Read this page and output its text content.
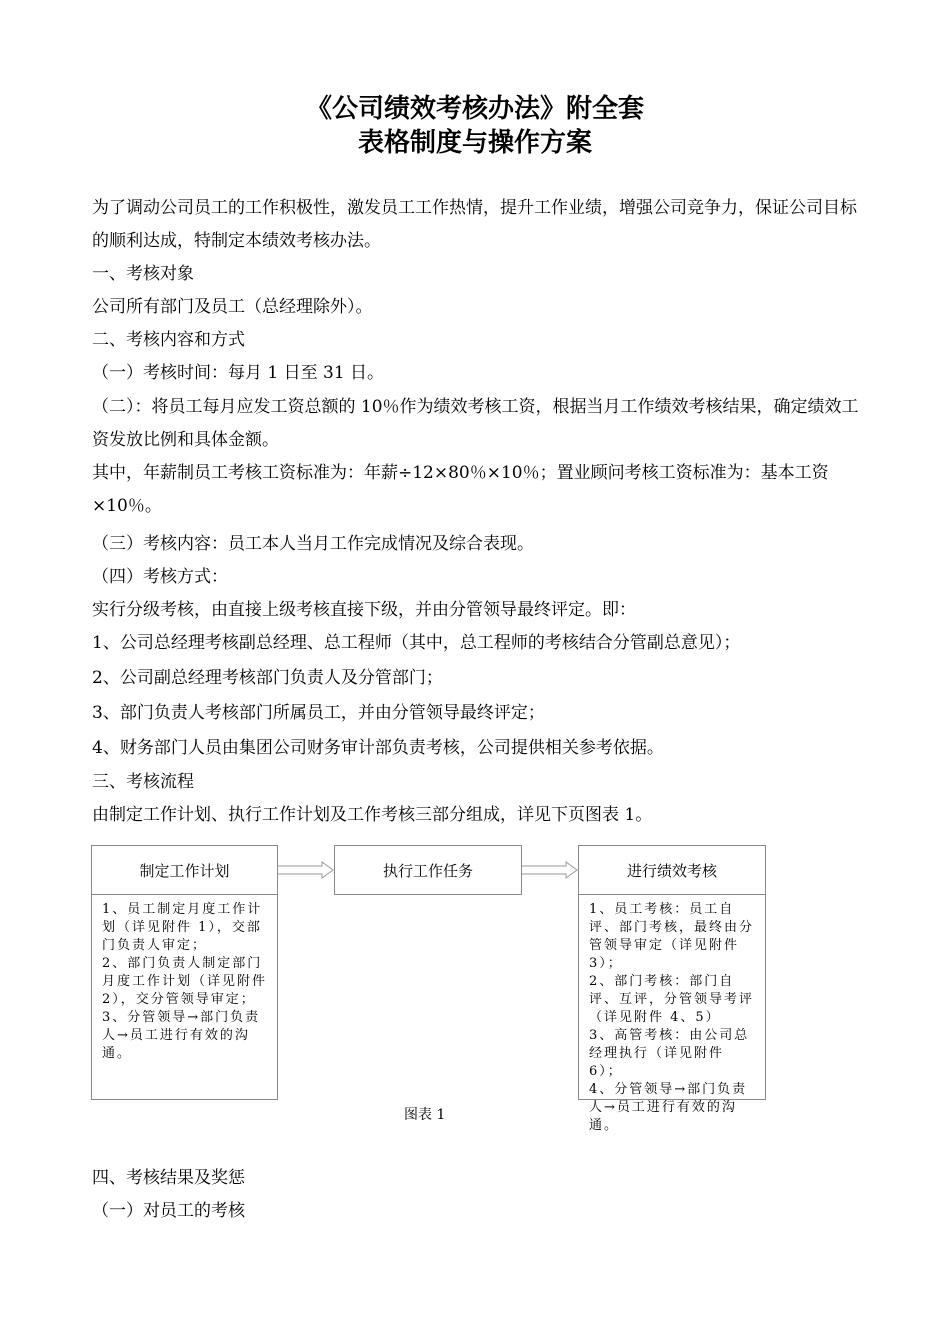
《公司绩效考核办法》附全套
表格制度与操作方案
为了调动公司员工的工作积极性，激发员工工作热情，提升工作业绩，增强公司竞争力，保证公司目标的顺利达成，特制定本绩效考核办法。
一、考核对象
公司所有部门及员工（总经理除外）。
二、考核内容和方式
（一）考核时间：每月 1 日至 31 日。
（二）：将员工每月应发工资总额的 10％作为绩效考核工资，根据当月工作绩效考核结果，确定绩效工资发放比例和具体金额。
其中，年薪制员工考核工资标准为：年薪÷12×80％×10％；置业顾问考核工资标准为：基本工资×10％。
（三）考核内容：员工本人当月工作完成情况及综合表现。
（四）考核方式：
实行分级考核，由直接上级考核直接下级，并由分管领导最终评定。即：
1、公司总经理考核副总经理、总工程师（其中，总工程师的考核结合分管副总意见）；
2、公司副总经理考核部门负责人及分管部门；
3、部门负责人考核部门所属员工，并由分管领导最终评定；
4、财务部门人员由集团公司财务审计部负责考核，公司提供相关参考依据。
三、考核流程
由制定工作计划、执行工作计划及工作考核三部分组成，详见下页图表 1。
制定工作计划
1、员工制定月度工作计划（详见附件 1），交部门负责人审定；
2、部门负责人制定部门月度工作计划（详见附件 2），交分管领导审定；
3、分管领导→部门负责人→员工进行有效的沟通。
执行工作任务	进行绩效考核
1、员工考核：员工自评、部门考核，最终由分管领导审定（详见附件 3）；
2、部门考核：部门自评、互评，分管领导考评（详见附件 4、5）
3、高管考核：由公司总经理执行（详见附件 6）；
4、分管领导→部门负责人→员工进行有效的沟通。
图表 1
四、考核结果及奖惩
（一）对员工的考核
